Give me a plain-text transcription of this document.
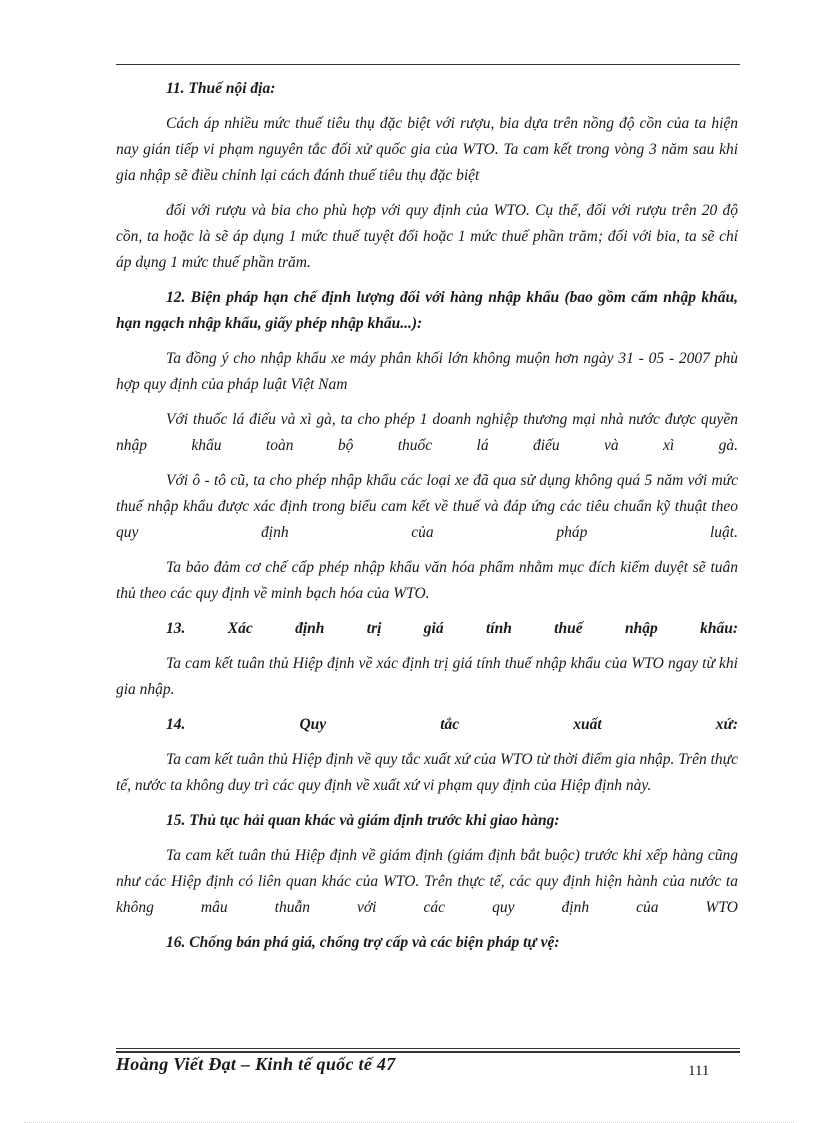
11. Thuế nội địa:

Cách áp nhiều mức thuế tiêu thụ đặc biệt với rượu, bia dựa trên nồng độ cồn của ta hiện nay gián tiếp vi phạm nguyên tắc đối xử quốc gia của WTO. Ta cam kết trong vòng 3 năm sau khi gia nhập sẽ điều chỉnh lại cách đánh thuế tiêu thụ đặc biệt

đối với rượu và bia cho phù hợp với quy định của WTO. Cụ thể, đối với rượu trên 20 độ cồn, ta hoặc là sẽ áp dụng 1 mức thuế tuyệt đối hoặc 1 mức thuế phần trăm; đối với bia, ta sẽ chỉ áp dụng 1 mức thuế phần trăm.

12. Biện pháp hạn chế định lượng đối với hàng nhập khẩu (bao gồm cấm nhập khẩu, hạn ngạch nhập khẩu, giấy phép nhập khẩu...):

Ta đồng ý cho nhập khẩu xe máy phân khối lớn không muộn hơn ngày 31 - 05 - 2007 phù hợp quy định của pháp luật Việt Nam

Với thuốc lá điếu và xì gà, ta cho phép 1 doanh nghiệp thương mại nhà nước được quyền nhập khẩu toàn bộ thuốc lá điếu và xì gà.

Với ô - tô cũ, ta cho phép nhập khẩu các loại xe đã qua sử dụng không quá 5 năm với mức thuế nhập khẩu được xác định trong biểu cam kết về thuế và đáp ứng các tiêu chuẩn kỹ thuật theo quy định của pháp luật.

Ta bảo đảm cơ chế cấp phép nhập khẩu văn hóa phẩm nhằm mục đích kiểm duyệt sẽ tuân thủ theo các quy định về minh bạch hóa của WTO.

13. Xác định trị giá tính thuế nhập khẩu:

Ta cam kết tuân thủ Hiệp định về xác định trị giá tính thuế nhập khẩu của WTO ngay từ khi gia nhập.

14. Quy tắc xuất xứ:

Ta cam kết tuân thủ Hiệp định về quy tắc xuất xứ của WTO từ thời điểm gia nhập. Trên thực tế, nước ta không duy trì các quy định về xuất xứ vi phạm quy định của Hiệp định này.

15. Thủ tục hải quan khác và giám định trước khi giao hàng:

Ta cam kết tuân thủ Hiệp định về giám định (giám định bắt buộc) trước khi xếp hàng cũng như các Hiệp định có liên quan khác của WTO. Trên thực tế, các quy định hiện hành của nước ta không mâu thuẫn với các quy định của WTO

16. Chống bán phá giá, chống trợ cấp và các biện pháp tự vệ:

Hoàng Viết Đạt – Kinh tế quốc tế 47	111
